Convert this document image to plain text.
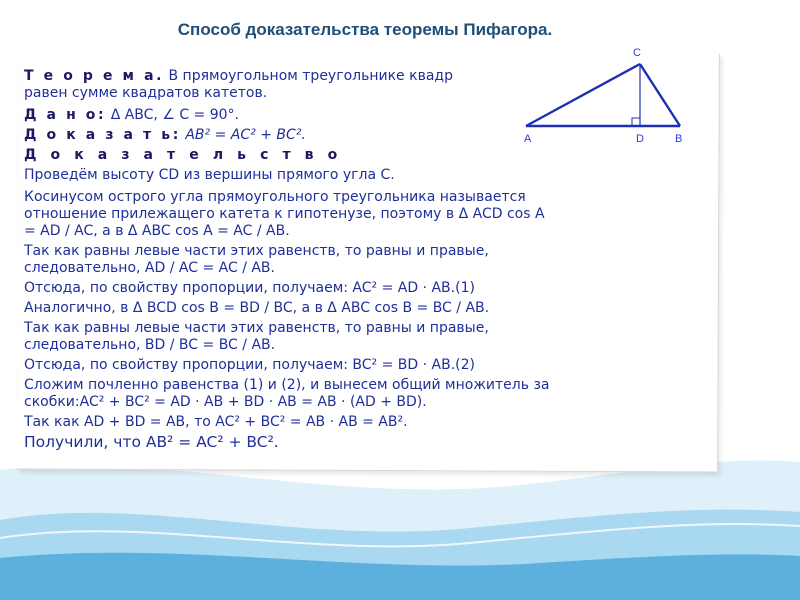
Способ доказательства теоремы Пифагора.
C
A	D	B
Т е о р е м а. В прямоугольном треугольнике квадр
равен сумме квадратов катетов.
Д а н о: Δ ABC, ∠ C = 90°.
Д о к а з а т ь: AB² = AC² + BC².
Д о к а з а т е л ь с т в о
Проведём высоту CD из вершины прямого угла C.
Косинусом острого угла прямоугольного треугольника называется
отношение прилежащего катета к гипотенузе, поэтому в Δ ACD cos A
= AD / AC, а в Δ ABC cos A = AC / AB.
Так как равны левые части этих равенств, то равны и правые,
следовательно, AD / AC = AC / AB.
Отсюда, по свойству пропорции, получаем: AC² = AD · AB.(1)
Аналогично, в Δ BCD cos B = BD / BC, а в Δ ABC cos B = BC / AB.
Так как равны левые части этих равенств, то равны и правые,
следовательно, BD / BC = BC / AB.
Отсюда, по свойству пропорции, получаем: BC² = BD · AB.(2)
Сложим почленно равенства (1) и (2), и вынесем общий множитель за
скобки:AC² + BC² = AD · AB + BD · AB = AB · (AD + BD).
Так как AD + BD = AB, то AC² + BC² = AB · AB = AB².
Получили, что AB² = AC² + BC².
